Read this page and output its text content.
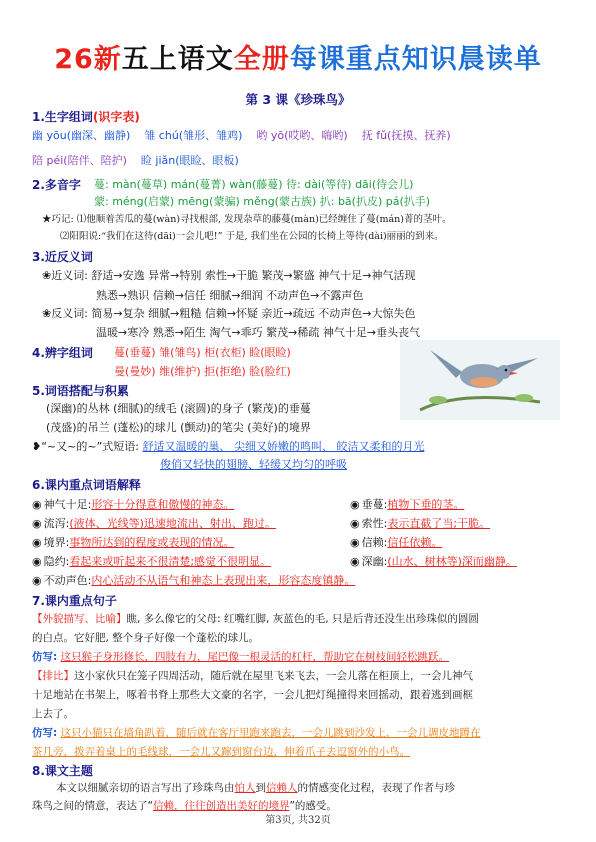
26新五上语文全册每课重点知识晨读单
第 3 课《珍珠鸟》
1.生字组词(识字表)
幽 yōu(幽深、幽静) 雏 chú(雏形、雏鸡) 哟 yō(哎哟、嗨哟) 抚 fǔ(抚摸、抚养)
陪 péi(陪伴、陪护) 睑 jiǎn(眼睑、眼板)
2.多音字 蔓: màn(蔓草) mán(蔓菁) wàn(藤蔓) 待: dài(等待) dāi(待会儿)
蒙: méng(启蒙) mēng(蒙骗) měng(蒙古族) 扒: bā(扒皮) pá(扒手)
★巧记: ⑴他顺着苦瓜的蔓(wàn)寻找根部, 发现杂草的藤蔓(màn)已经缠住了蔓(mán)菁的茎叶。
⑵阳阳说:“我们在这待(dāi)一会儿吧!” 于是, 我们坐在公园的长椅上等待(dài)丽丽的到来。
3.近反义词
❀近义词: 舒适→安逸 异常→特别 索性→干脆 繁茂→繁盛 神气十足→神气活现
熟悉→熟识 信赖→信任 细腻→细润 不动声色→不露声色
❀反义词: 简易→复杂 细腻→粗糙 信赖→怀疑 亲近→疏远 不动声色→大惊失色
温暖→寒冷 熟悉→陌生 淘气→乖巧 繁茂→稀疏 神气十足→垂头丧气
4.辨字组词 蔓(垂蔓) 雏(雏鸟) 柜(衣柜) 睑(眼睑)
曼(曼妙) 维(维护) 拒(拒绝) 脸(脸红)
5.词语搭配与积累
(深幽)的丛林 (细腻)的绒毛 (滚圆)的身子 (繁茂)的垂蔓
(茂盛)的吊兰 (蓬松)的球儿 (颤动)的笔尖 (美好)的境界
❥“~又~的~”式短语: 舒适又温暖的巢、 尖细又娇嫩的鸣叫、 皎洁又柔和的月光
俊俏又轻快的翅膀、轻缓又均匀的呼吸
6.课内重点词语解释
◉ 神气十足:形容十分得意和傲慢的神态。	◉ 垂蔓:植物下垂的茎。
◉ 流泻:(液体、光线等)迅速地流出、射出、跑过。	◉ 索性:表示直截了当;干脆。
◉ 境界:事物所达到的程度或表现的情况。	◉ 信赖:信任依赖。
◉ 隐约:看起来或听起来不很清楚;感觉不很明显。	◉ 深幽:(山水、树林等)深而幽静。
◉ 不动声色:内心活动不从语气和神态上表现出来，形容态度镇静。
7.课内重点句子
【外貌描写、比喻】瞧, 多么像它的父母: 红嘴红脚, 灰蓝色的毛, 只是后背还没生出珍珠似的圆圆
的白点。它好肥, 整个身子好像一个蓬松的球儿。
仿写: 这只猴子身形修长，四肢有力，尾巴像一根灵活的杠杆，帮助它在树枝间轻松跳跃。
【排比】这小家伙只在笼子四周活动，随后就在屋里飞来飞去，一会儿落在柜顶上，一会儿神气
十足地站在书架上，啄着书脊上那些大文豪的名字，一会儿把灯绳撞得来回摇动，跟着逃到画框
上去了。
仿写: 这只小猫只在墙角趴着，随后就在客厅里跑来跑去，一会儿跳到沙发上，一会儿调皮地蹲在
茶几旁，拨弄着桌上的毛线球，一会儿又蹿到窗台边，伸着爪子去逗窗外的小鸟。
8.课文主题
本文以细腻亲切的语言写出了珍珠鸟由怕人到信赖人的情感变化过程，表现了作者与珍
珠鸟之间的情意，表达了“信赖，往往创造出美好的境界”的感受。
第3页, 共32页
